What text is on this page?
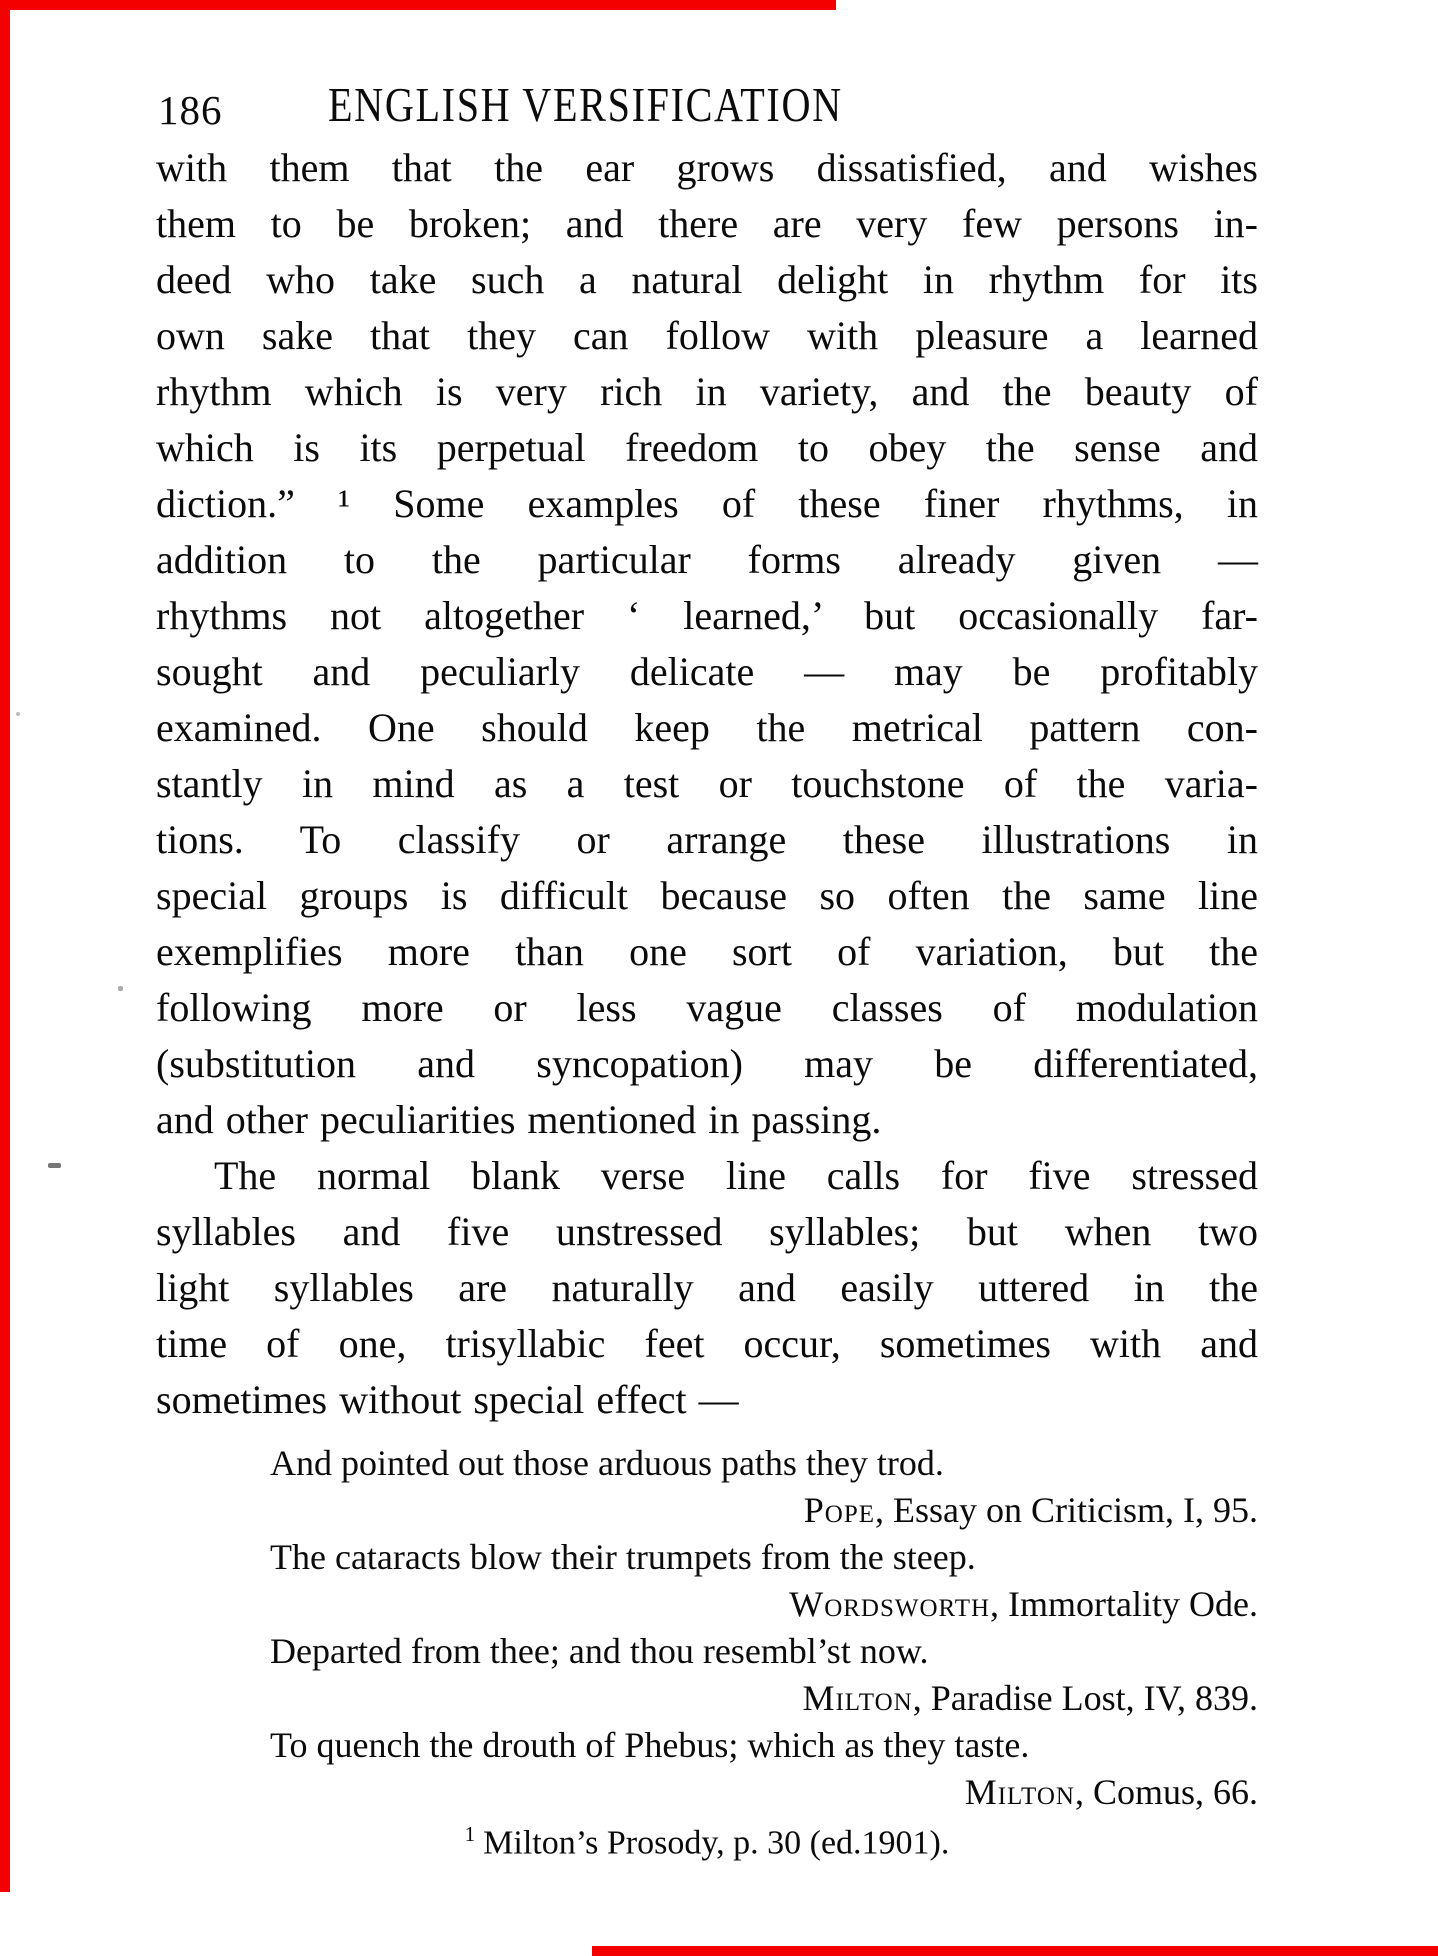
186 ENGLISH VERSIFICATION
with them that the ear grows dissatisfied, and wishes
them to be broken; and there are very few persons in-
deed who take such a natural delight in rhythm for its
own sake that they can follow with pleasure a learned
rhythm which is very rich in variety, and the beauty of
which is its perpetual freedom to obey the sense and
diction.” ¹ Some examples of these finer rhythms, in
addition to the particular forms already given —
rhythms not altogether ‘ learned,’ but occasionally far-
sought and peculiarly delicate — may be profitably
examined. One should keep the metrical pattern con-
stantly in mind as a test or touchstone of the varia-
tions. To classify or arrange these illustrations in
special groups is difficult because so often the same line
exemplifies more than one sort of variation, but the
following more or less vague classes of modulation
(substitution and syncopation) may be differentiated,
and other peculiarities mentioned in passing.
The normal blank verse line calls for five stressed
syllables and five unstressed syllables; but when two
light syllables are naturally and easily uttered in the
time of one, trisyllabic feet occur, sometimes with and
sometimes without special effect —
And pointed out those arduous paths they trod.
Pope, Essay on Criticism, I, 95.
The cataracts blow their trumpets from the steep.
Wordsworth, Immortality Ode.
Departed from thee; and thou resembl’st now.
Milton, Paradise Lost, IV, 839.
To quench the drouth of Phebus; which as they taste.
Milton, Comus, 66.
$^1$ Milton’s Prosody, p. 30 (ed.1901).
